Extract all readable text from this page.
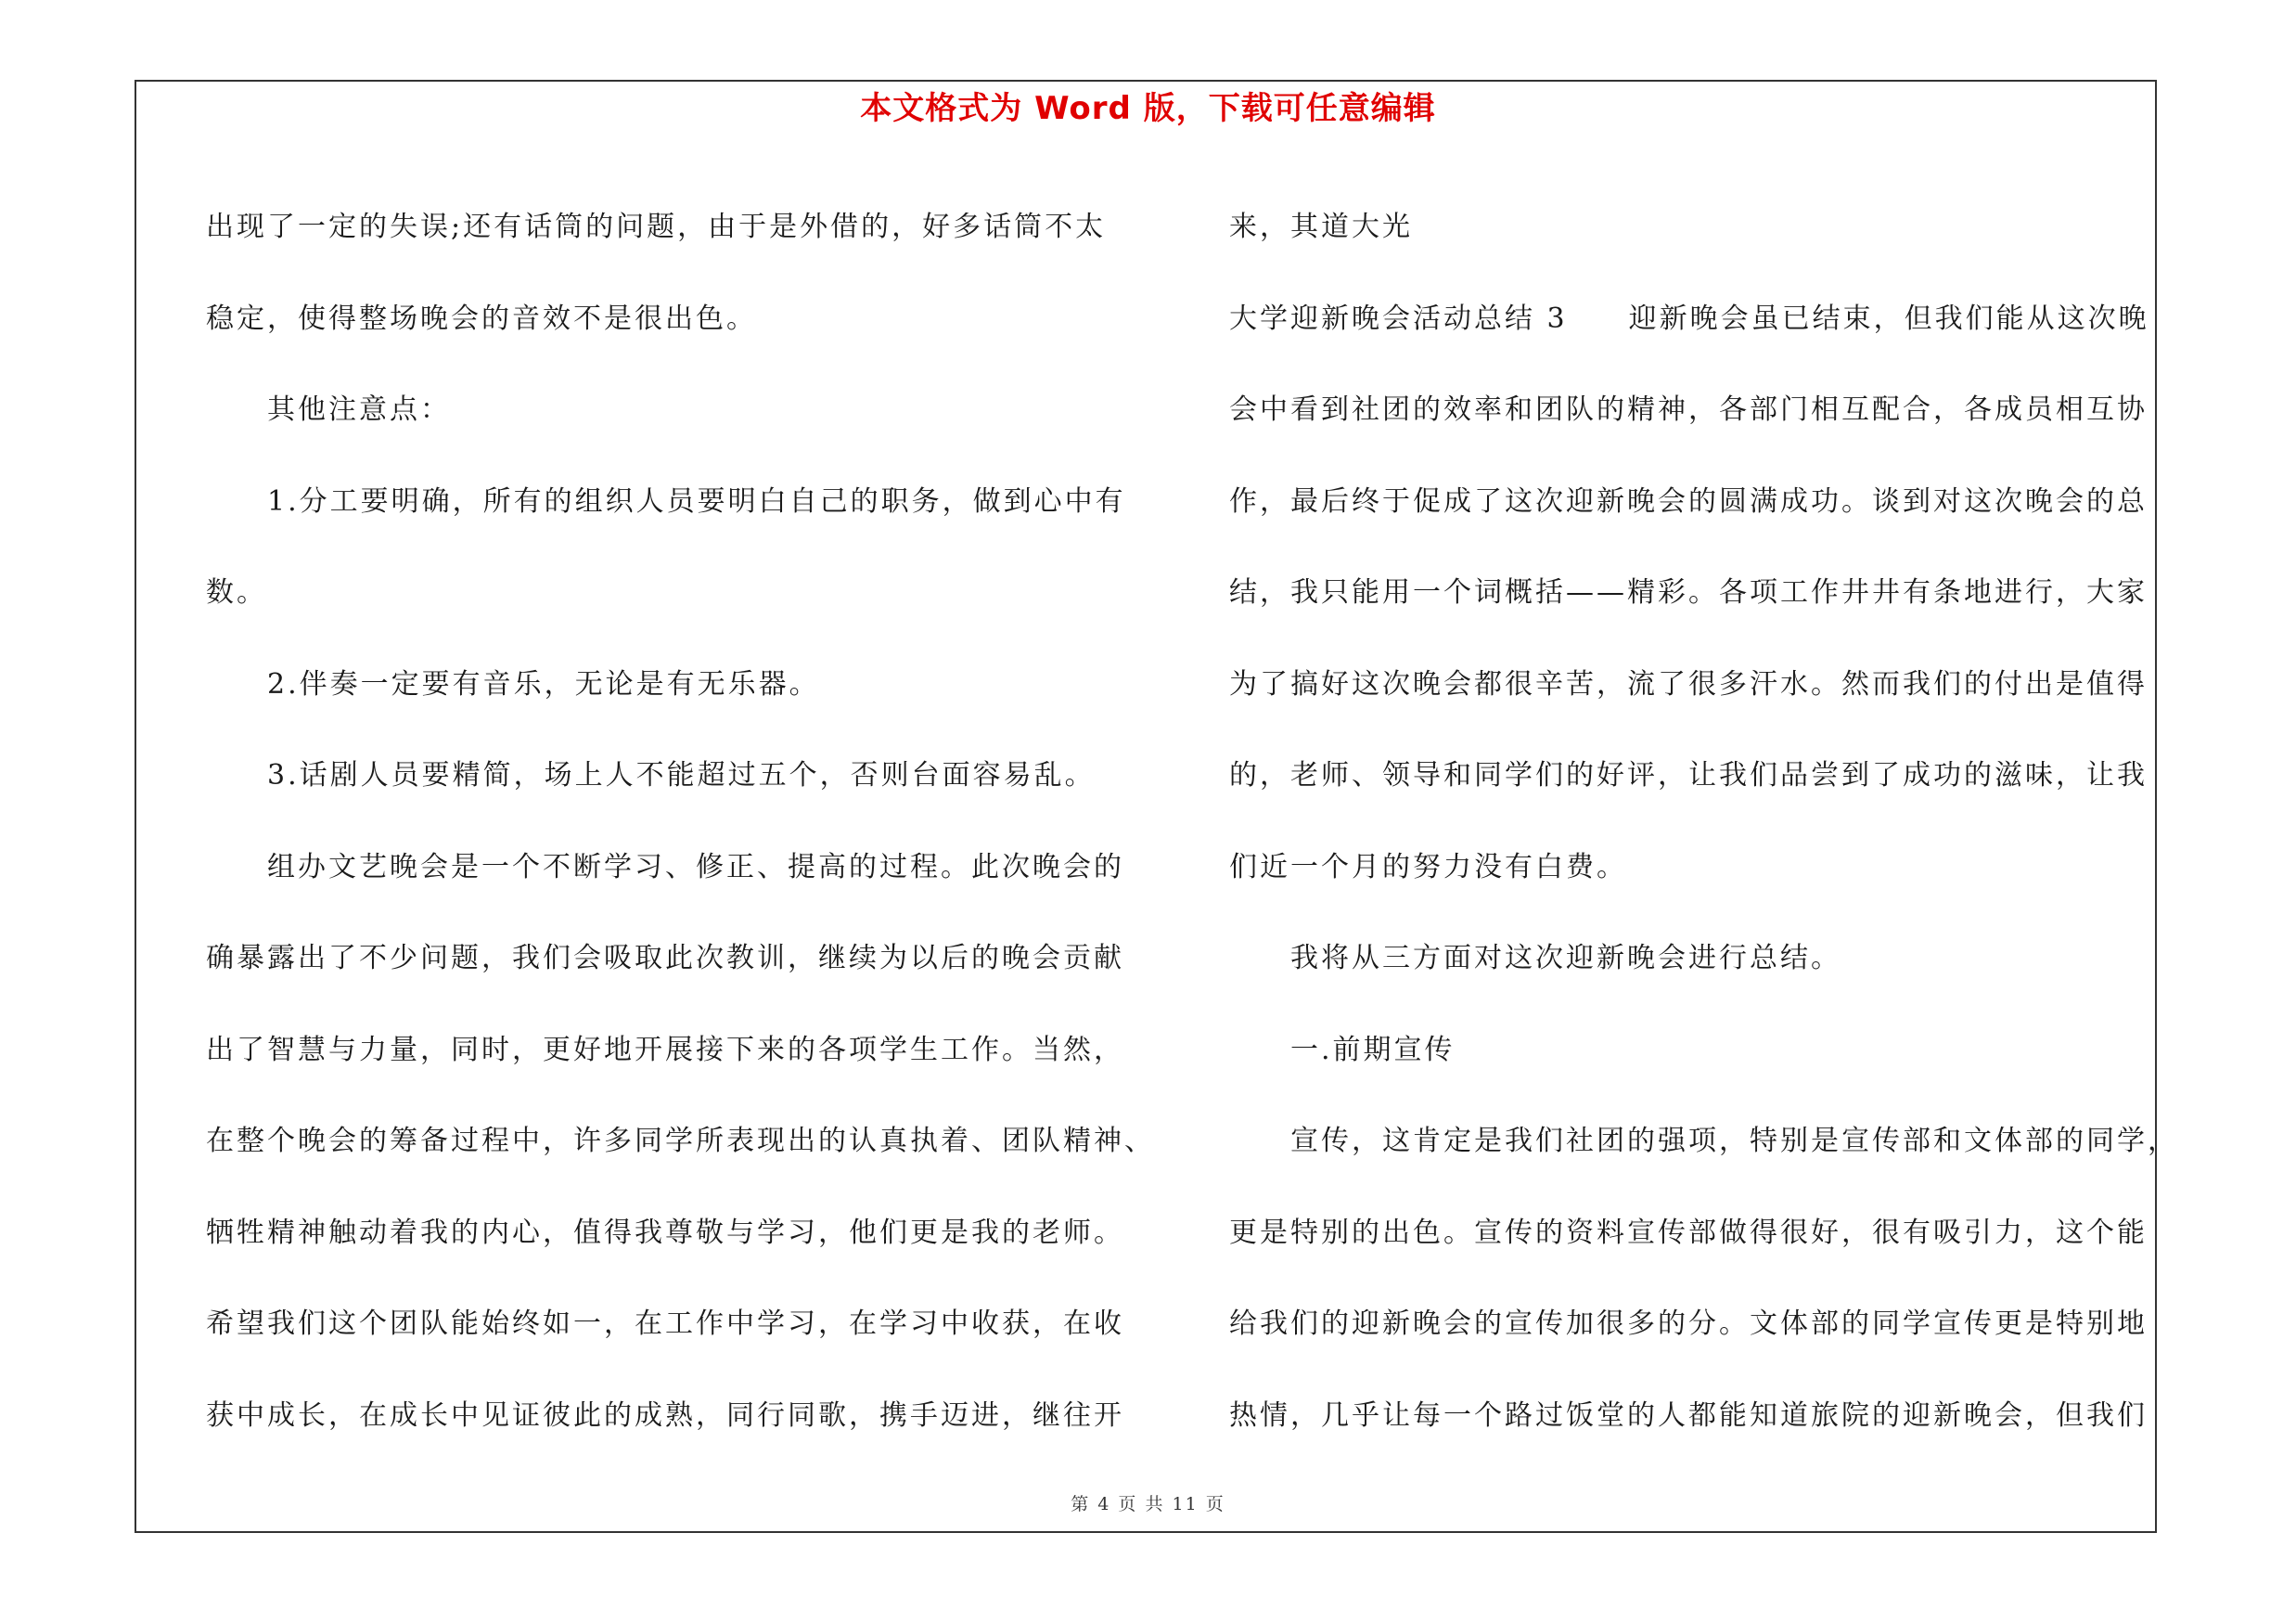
本文格式为 Word 版，下载可任意编辑
出现了一定的失误;还有话筒的问题，由于是外借的，好多话筒不太
稳定，使得整场晚会的音效不是很出色。
其他注意点：
1.分工要明确，所有的组织人员要明白自己的职务，做到心中有
数。
2.伴奏一定要有音乐，无论是有无乐器。
3.话剧人员要精简，场上人不能超过五个，否则台面容易乱。
组办文艺晚会是一个不断学习、修正、提高的过程。此次晚会的
确暴露出了不少问题，我们会吸取此次教训，继续为以后的晚会贡献
出了智慧与力量，同时，更好地开展接下来的各项学生工作。当然，
在整个晚会的筹备过程中，许多同学所表现出的认真执着、团队精神、
牺牲精神触动着我的内心，值得我尊敬与学习，他们更是我的老师。
希望我们这个团队能始终如一，在工作中学习，在学习中收获，在收
获中成长，在成长中见证彼此的成熟，同行同歌，携手迈进，继往开
来，其道大光
大学迎新晚会活动总结 3　　迎新晚会虽已结束，但我们能从这次晚
会中看到社团的效率和团队的精神，各部门相互配合，各成员相互协
作，最后终于促成了这次迎新晚会的圆满成功。谈到对这次晚会的总
结，我只能用一个词概括——精彩。各项工作井井有条地进行，大家
为了搞好这次晚会都很辛苦，流了很多汗水。然而我们的付出是值得
的，老师、领导和同学们的好评，让我们品尝到了成功的滋味，让我
们近一个月的努力没有白费。
我将从三方面对这次迎新晚会进行总结。
一.前期宣传
宣传，这肯定是我们社团的强项，特别是宣传部和文体部的同学，
更是特别的出色。宣传的资料宣传部做得很好，很有吸引力，这个能
给我们的迎新晚会的宣传加很多的分。文体部的同学宣传更是特别地
热情，几乎让每一个路过饭堂的人都能知道旅院的迎新晚会，但我们
第 4 页 共 11 页
